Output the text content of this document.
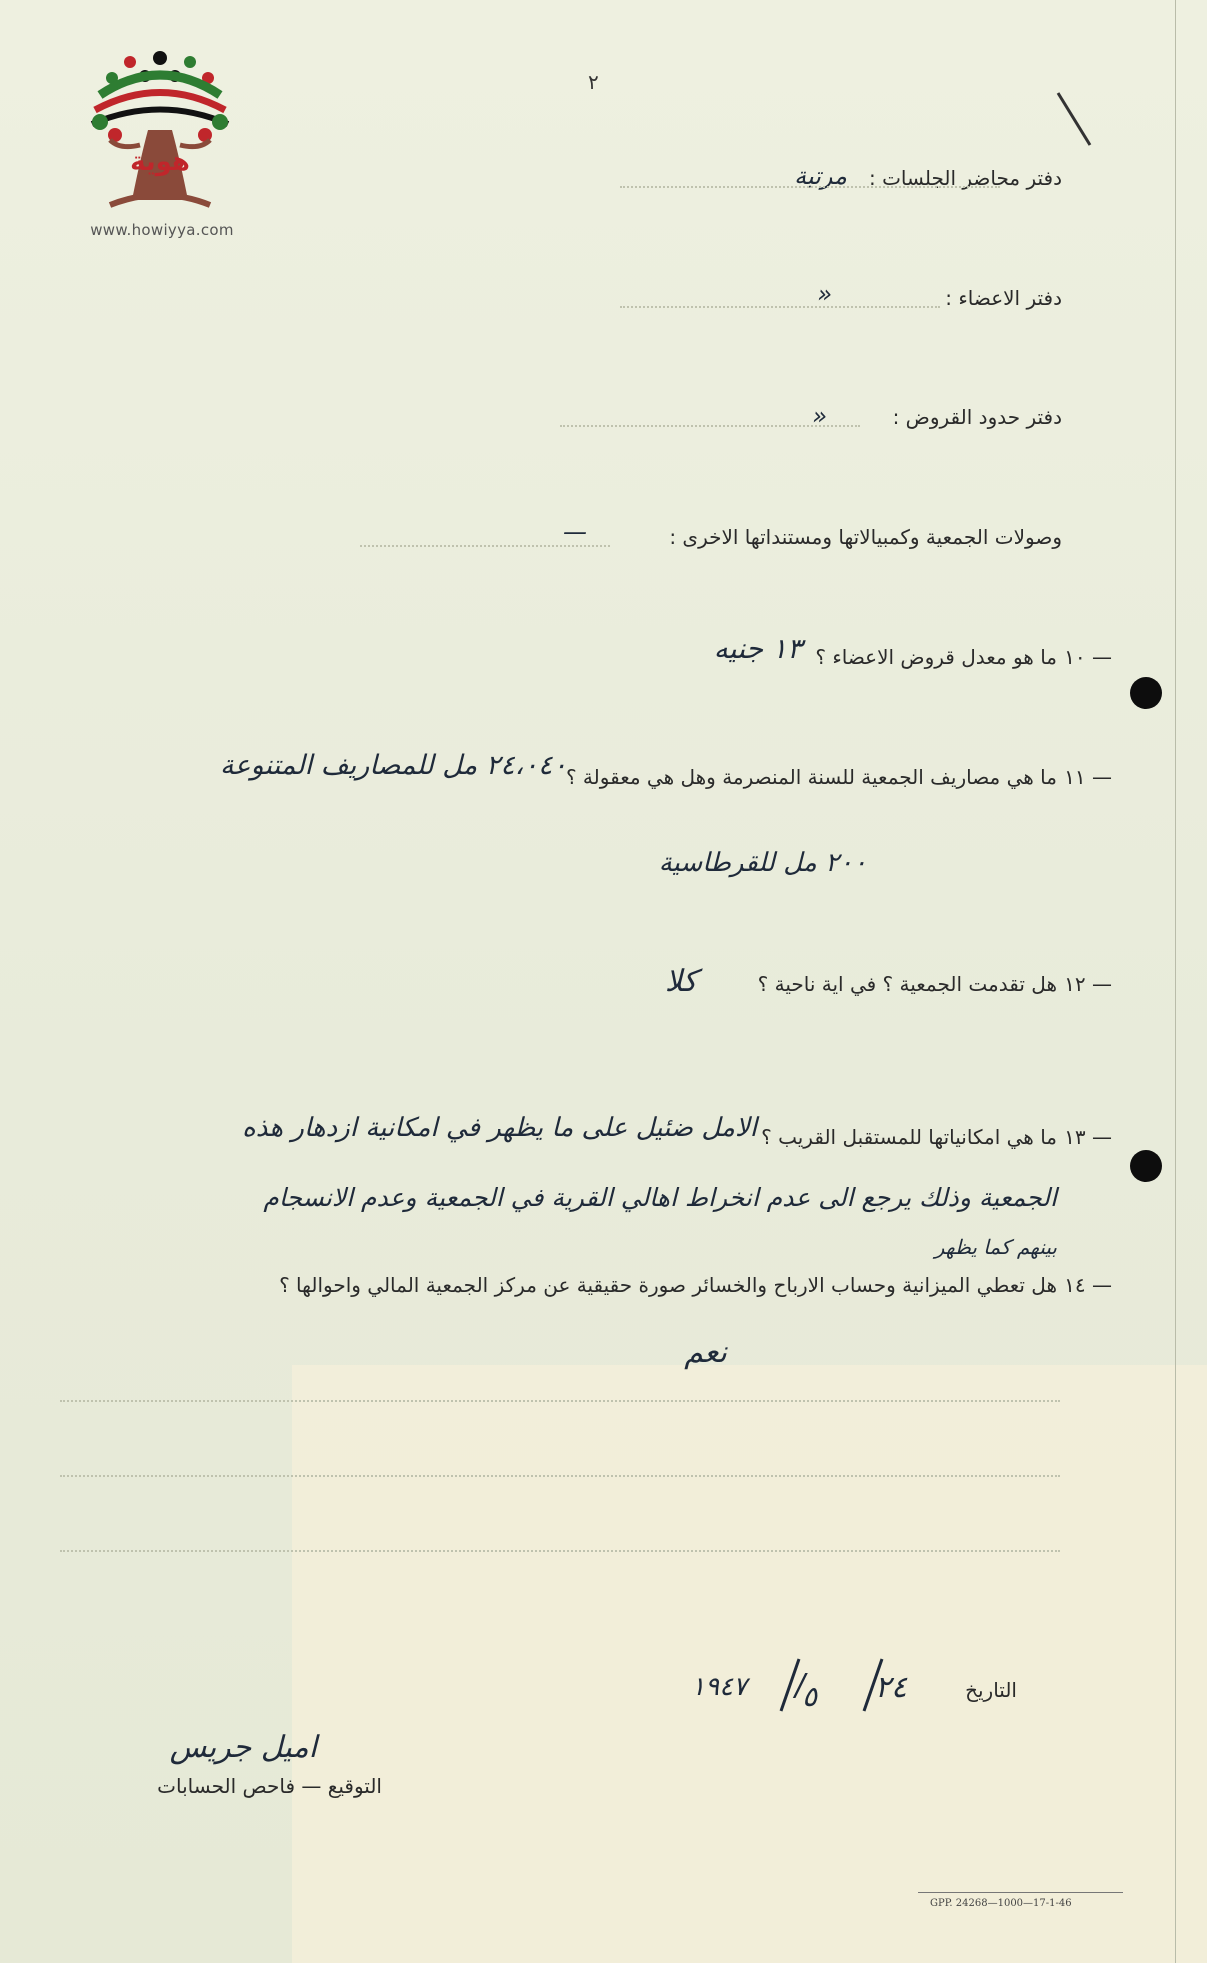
هوية
www.howiyya.com
٢
دفتر محاضر الجلسات :
مرتبة
دفتر الاعضاء :
»
دفتر حدود القروض :
»
وصولات الجمعية وكمبيالاتها ومستنداتها الاخرى :
—
١٠ —
ما هو معدل قروض الاعضاء ؟
١٣ جنيه
١١ —
ما هي مصاريف الجمعية للسنة المنصرمة وهل هي معقولة ؟
٢٤،٠٤٠ مل للمصاريف المتنوعة
٢٠٠ مل للقرطاسية
١٢ —
هل تقدمت الجمعية ؟ في اية ناحية ؟
كلا
١٣ —
ما هي امكانياتها للمستقبل القريب ؟
الامل ضئيل على ما يظهر في امكانية ازدهار هذه
الجمعية وذلك يرجع الى عدم انخراط اهالي القرية في الجمعية وعدم الانسجام
بينهم كما يظهر
١٤ —
هل تعطي الميزانية وحساب الارباح والخسائر صورة حقيقية عن مركز الجمعية المالي واحوالها ؟
نعم
التاريخ
٢٤
/
٥
١٩٤٧
اميل جريس
التوقيع — فاحص الحسابات
GPP. 24268—1000—17-1-46
